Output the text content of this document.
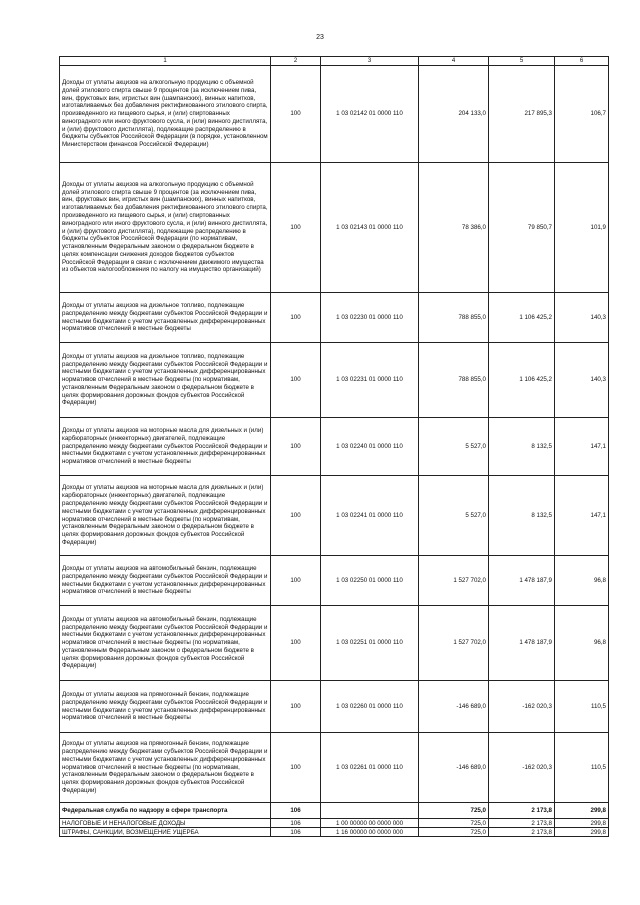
23
1	2	3	4	5	6
Доходы от уплаты акцизов на алкогольную продукцию с объемной долей этилового спирта свыше 9 процентов (за исключением пива, вин, фруктовых вин, игристых вин (шампанских), винных напитков, изготавливаемых без добавления ректификованного этилового спирта, произведенного из пищевого сырья, и (или) спиртованных виноградного или иного фруктового сусла, и (или) винного дистиллята, и (или) фруктового дистиллята), подлежащие распределению в бюджеты субъектов Российской Федерации (в порядке, установленном Министерством финансов Российской Федерации)	100	1 03 02142 01 0000 110	204 133,0	217 895,3	106,7
Доходы от уплаты акцизов на алкогольную продукцию с объемной долей этилового спирта свыше 9 процентов (за исключением пива, вин, фруктовых вин, игристых вин (шампанских), винных напитков, изготавливаемых без добавления ректификованного этилового спирта, произведенного из пищевого сырья, и (или) спиртованных виноградного или иного фруктового сусла, и (или) винного дистиллята, и (или) фруктового дистиллята), подлежащие распределению в бюджеты субъектов Российской Федерации (по нормативам, установленным Федеральным законом о федеральном бюджете в целях компенсации снижения доходов бюджетов субъектов Российской Федерации в связи с исключением движимого имущества из объектов налогообложения по налогу на имущество организаций)	100	1 03 02143 01 0000 110	78 386,0	79 850,7	101,9
Доходы от уплаты акцизов на дизельное топливо, подлежащие распределению между бюджетами субъектов Российской Федерации и местными бюджетами с учетом установленных дифференцированных нормативов отчислений в местные бюджеты	100	1 03 02230 01 0000 110	788 855,0	1 106 425,2	140,3
Доходы от уплаты акцизов на дизельное топливо, подлежащие распределению между бюджетами субъектов Российской Федерации и местными бюджетами с учетом установленных дифференцированных нормативов отчислений в местные бюджеты (по нормативам, установленным Федеральным законом о федеральном бюджете в целях формирования дорожных фондов субъектов Российской Федерации)	100	1 03 02231 01 0000 110	788 855,0	1 106 425,2	140,3
Доходы от уплаты акцизов на моторные масла для дизельных и (или) карбюраторных (инжекторных) двигателей, подлежащие распределению между бюджетами субъектов Российской Федерации и местными бюджетами с учетом установленных дифференцированных нормативов отчислений в местные бюджеты	100	1 03 02240 01 0000 110	5 527,0	8 132,5	147,1
Доходы от уплаты акцизов на моторные масла для дизельных и (или) карбюраторных (инжекторных) двигателей, подлежащие распределению между бюджетами субъектов Российской Федерации и местными бюджетами с учетом установленных дифференцированных нормативов отчислений в местные бюджеты (по нормативам, установленным Федеральным законом о федеральном бюджете в целях формирования дорожных фондов субъектов Российской Федерации)	100	1 03 02241 01 0000 110	5 527,0	8 132,5	147,1
Доходы от уплаты акцизов на автомобильный бензин, подлежащие распределению между бюджетами субъектов Российской Федерации и местными бюджетами с учетом установленных дифференцированных нормативов отчислений в местные бюджеты	100	1 03 02250 01 0000 110	1 527 702,0	1 478 187,9	96,8
Доходы от уплаты акцизов на автомобильный бензин, подлежащие распределению между бюджетами субъектов Российской Федерации и местными бюджетами с учетом установленных дифференцированных нормативов отчислений в местные бюджеты (по нормативам, установленным Федеральным законом о федеральном бюджете в целях формирования дорожных фондов субъектов Российской Федерации)	100	1 03 02251 01 0000 110	1 527 702,0	1 478 187,9	96,8
Доходы от уплаты акцизов на прямогонный бензин, подлежащие распределению между бюджетами субъектов Российской Федерации и местными бюджетами с учетом установленных дифференцированных нормативов отчислений в местные бюджеты	100	1 03 02260 01 0000 110	-146 689,0	-162 020,3	110,5
Доходы от уплаты акцизов на прямогонный бензин, подлежащие распределению между бюджетами субъектов Российской Федерации и местными бюджетами с учетом установленных дифференцированных нормативов отчислений в местные бюджеты (по нормативам, установленным Федеральным законом о федеральном бюджете в целях формирования дорожных фондов субъектов Российской Федерации)	100	1 03 02261 01 0000 110	-146 689,0	-162 020,3	110,5
Федеральная служба по надзору в сфере транспорта	106		725,0	2 173,8	299,8
НАЛОГОВЫЕ И НЕНАЛОГОВЫЕ ДОХОДЫ	106	1 00 00000 00 0000 000	725,0	2 173,8	299,8
ШТРАФЫ, САНКЦИИ, ВОЗМЕЩЕНИЕ УЩЕРБА	106	1 16 00000 00 0000 000	725,0	2 173,8	299,8
